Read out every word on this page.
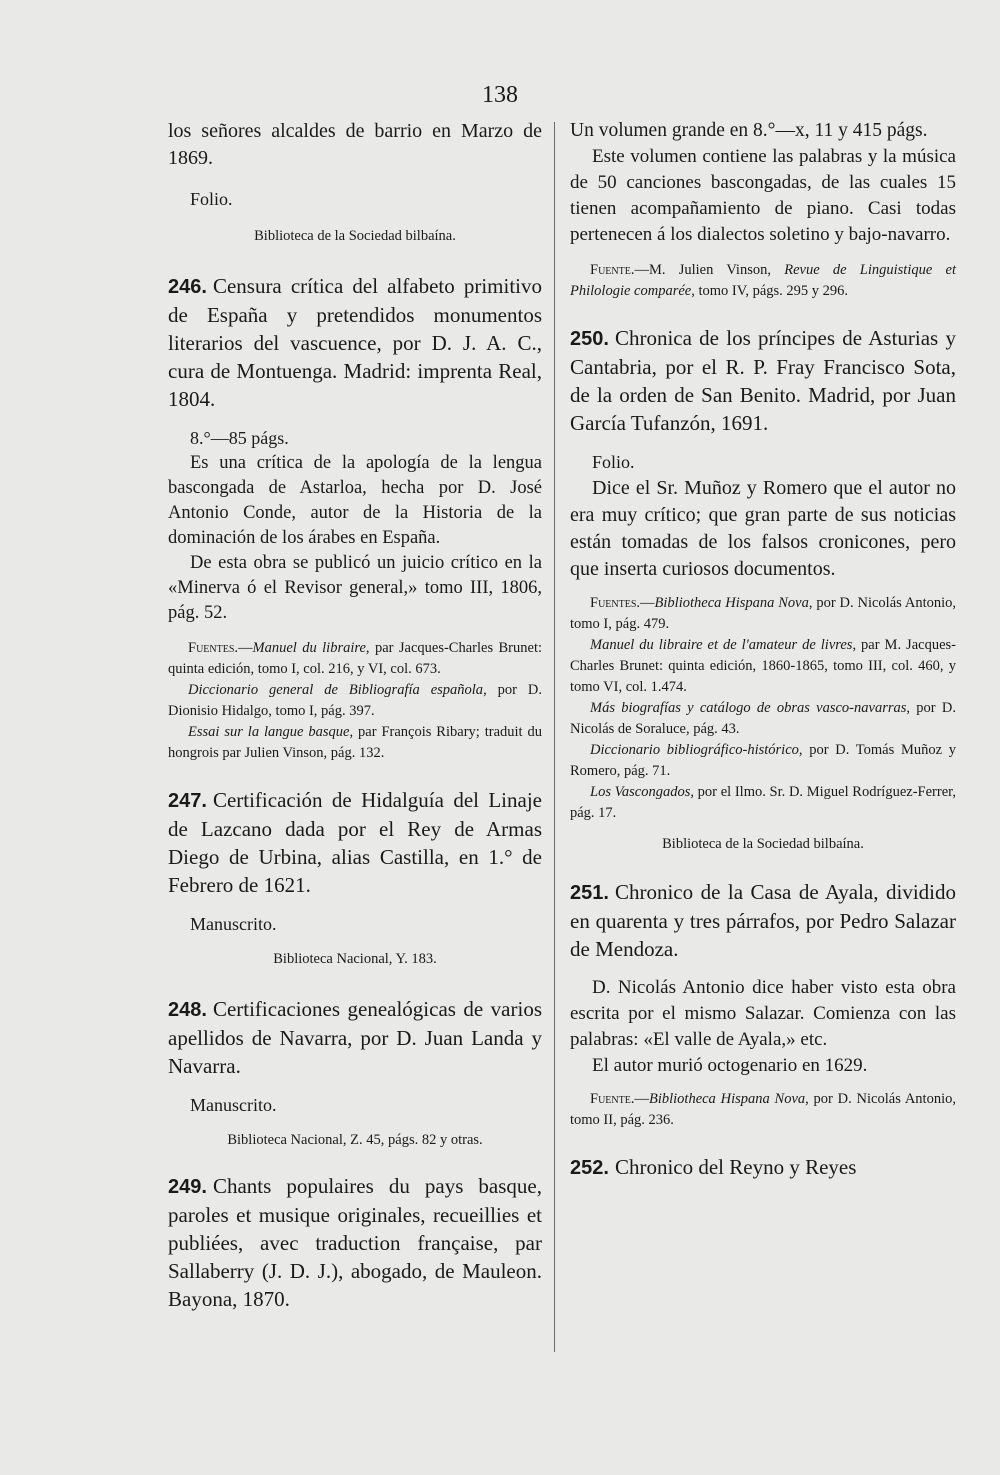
138

los señores alcaldes de barrio en Marzo de 1869.

Folio.

Biblioteca de la Sociedad bilbaína.

246. Censura crítica del alfabeto primitivo de España y pretendidos monumentos literarios del vascuence, por D. J. A. C., cura de Montuenga. Madrid: imprenta Real, 1804.

8.°—85 págs.

Es una crítica de la apología de la lengua bascongada de Astarloa, hecha por D. José Antonio Conde, autor de la Historia de la dominación de los árabes en España.

De esta obra se publicó un juicio crítico en la «Minerva ó el Revisor general,» tomo III, 1806, pág. 52.

Fuentes.—Manuel du libraire, par Jacques-Charles Brunet: quinta edición, tomo I, col. 216, y VI, col. 673.

Diccionario general de Bibliografía española, por D. Dionisio Hidalgo, tomo I, pág. 397.

Essai sur la langue basque, par François Ribary; traduit du hongrois par Julien Vinson, pág. 132.

247. Certificación de Hidalguía del Linaje de Lazcano dada por el Rey de Armas Diego de Urbina, alias Castilla, en 1.° de Febrero de 1621.

Manuscrito.

Biblioteca Nacional, Y. 183.

248. Certificaciones genealógicas de varios apellidos de Navarra, por D. Juan Landa y Navarra.

Manuscrito.

Biblioteca Nacional, Z. 45, págs. 82 y otras.

249. Chants populaires du pays basque, paroles et musique originales, recueillies et publiées, avec traduction française, par Sallaberry (J. D. J.), abogado, de Mauleon. Bayona, 1870.

Un volumen grande en 8.°—x, 11 y 415 págs.

Este volumen contiene las palabras y la música de 50 canciones bascongadas, de las cuales 15 tienen acompañamiento de piano. Casi todas pertenecen á los dialectos soletino y bajo-navarro.

Fuente.—M. Julien Vinson, Revue de Linguistique et Philologie comparée, tomo IV, págs. 295 y 296.

250. Chronica de los príncipes de Asturias y Cantabria, por el R. P. Fray Francisco Sota, de la orden de San Benito. Madrid, por Juan García Tufanzón, 1691.

Folio.

Dice el Sr. Muñoz y Romero que el autor no era muy crítico; que gran parte de sus noticias están tomadas de los falsos cronicones, pero que inserta curiosos documentos.

Fuentes.—Bibliotheca Hispana Nova, por D. Nicolás Antonio, tomo I, pág. 479.

Manuel du libraire et de l'amateur de livres, par M. Jacques-Charles Brunet: quinta edición, 1860-1865, tomo III, col. 460, y tomo VI, col. 1.474.

Más biografías y catálogo de obras vasco-navarras, por D. Nicolás de Soraluce, pág. 43.

Diccionario bibliográfico-histórico, por D. Tomás Muñoz y Romero, pág. 71.

Los Vascongados, por el Ilmo. Sr. D. Miguel Rodríguez-Ferrer, pág. 17.

Biblioteca de la Sociedad bilbaína.

251. Chronico de la Casa de Ayala, dividido en quarenta y tres párrafos, por Pedro Salazar de Mendoza.

D. Nicolás Antonio dice haber visto esta obra escrita por el mismo Salazar. Comienza con las palabras: «El valle de Ayala,» etc.

El autor murió octogenario en 1629.

Fuente.—Bibliotheca Hispana Nova, por D. Nicolás Antonio, tomo II, pág. 236.

252. Chronico del Reyno y Reyes
